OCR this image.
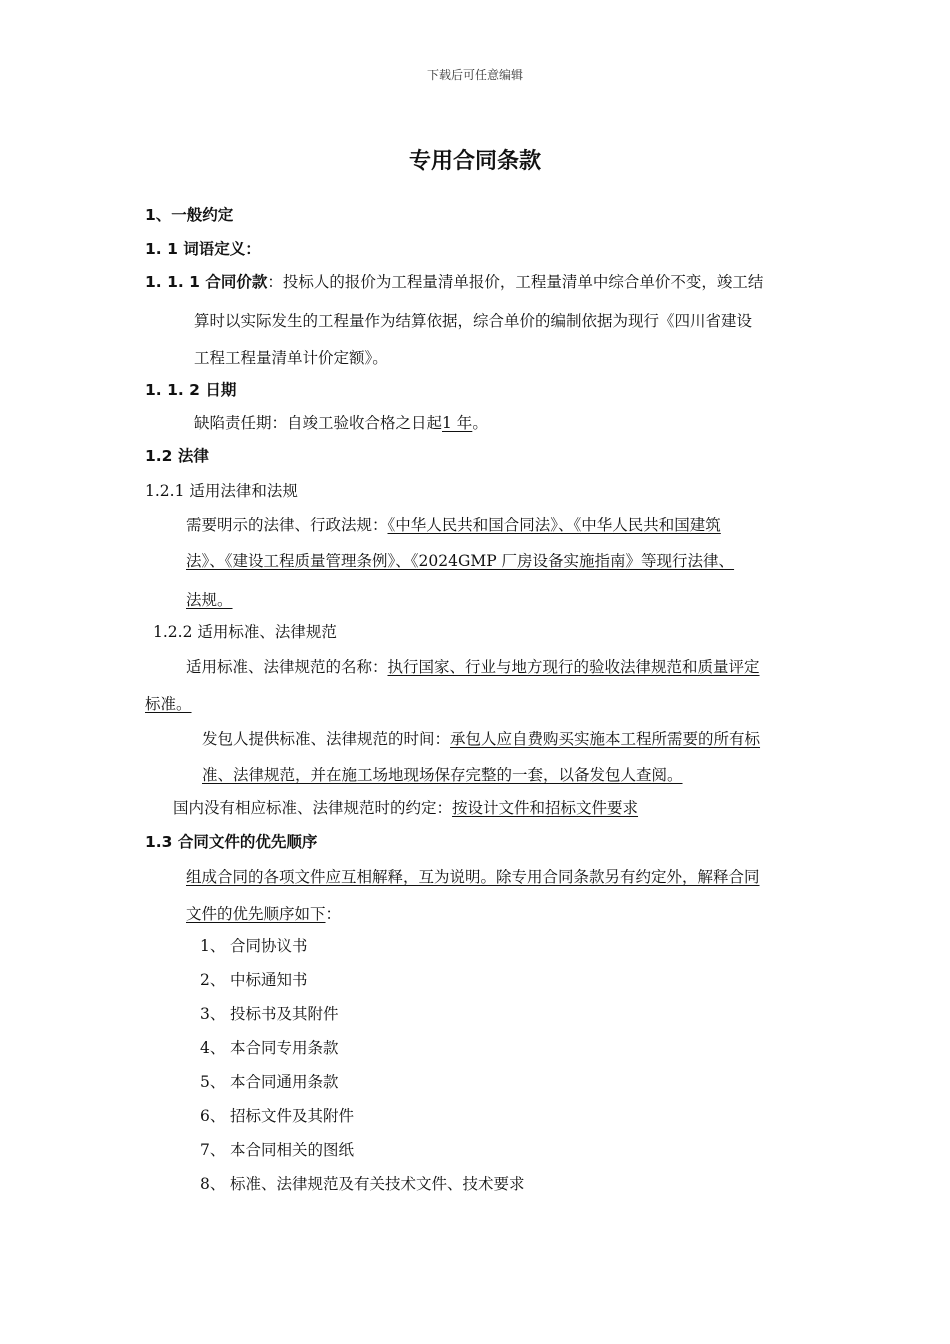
下载后可任意编辑
专用合同条款
1、一般约定
1. 1 词语定义：
1. 1. 1 合同价款：投标人的报价为工程量清单报价，工程量清单中综合单价不变，竣工结
算时以实际发生的工程量作为结算依据，综合单价的编制依据为现行《四川省建设
工程工程量清单计价定额》。
1. 1. 2 日期
缺陷责任期：自竣工验收合格之日起1 年。
1.2 法律
1.2.1 适用法律和法规
需要明示的法律、行政法规：《中华人民共和国合同法》、《中华人民共和国建筑
法》、《建设工程质量管理条例》、《2024GMP 厂房设备实施指南》等现行法律、
法规。
1.2.2 适用标准、法律规范
适用标准、法律规范的名称：执行国家、行业与地方现行的验收法律规范和质量评定
标准。
发包人提供标准、法律规范的时间：承包人应自费购买实施本工程所需要的所有标
准、法律规范，并在施工场地现场保存完整的一套，以备发包人查阅。
国内没有相应标准、法律规范时的约定：按设计文件和招标文件要求
1.3 合同文件的优先顺序
组成合同的各项文件应互相解释，互为说明。除专用合同条款另有约定外，解释合同
文件的优先顺序如下：
1、 合同协议书
2、 中标通知书
3、 投标书及其附件
4、 本合同专用条款
5、 本合同通用条款
6、 招标文件及其附件
7、 本合同相关的图纸
8、 标准、法律规范及有关技术文件、技术要求
